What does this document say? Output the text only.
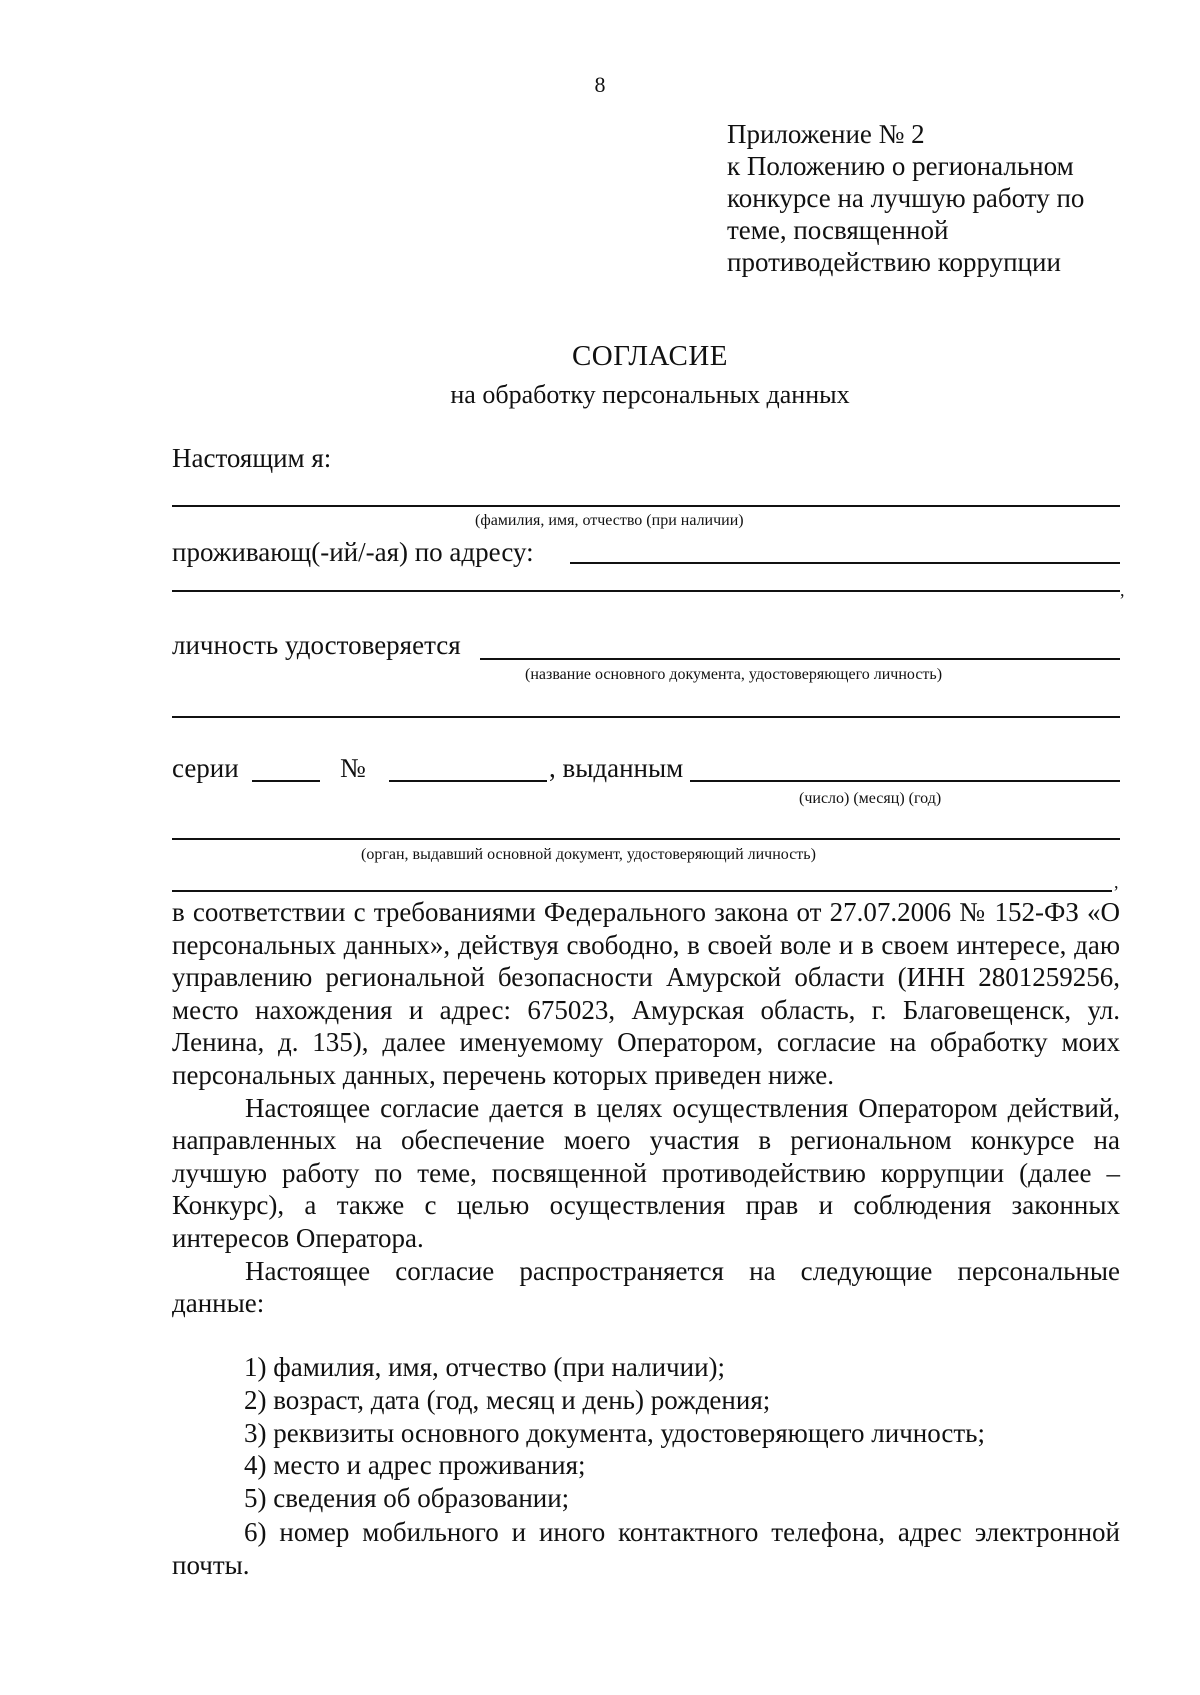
8
Приложение № 2
к Положению о региональном
конкурсе на лучшую работу по
теме, посвященной
противодействию коррупции
СОГЛАСИЕ
на обработку персональных данных
Настоящим я:
(фамилия, имя, отчество (при наличии)
проживающ(-ий/-ая) по адресу:
,
личность удостоверяется
(название основного документа, удостоверяющего личность)
серии	№	, выданным
(число) (месяц) (год)
(орган, выдавший основной документ, удостоверяющий личность)
,

в соответствии с требованиями Федерального закона от 27.07.2006 № 152-ФЗ «О персональных данных», действуя свободно, в своей воле и в своем интересе, даю управлению региональной безопасности Амурской области (ИНН 2801259256, место нахождения и адрес: 675023, Амурская область, г. Благовещенск, ул. Ленина, д. 135), далее именуемому Оператором, согласие на обработку моих персональных данных, перечень которых приведен ниже.

Настоящее согласие дается в целях осуществления Оператором действий, направленных на обеспечение моего участия в региональном конкурсе на лучшую работу по теме, посвященной противодействию коррупции (далее – Конкурс), а также с целью осуществления прав и соблюдения законных интересов Оператора.

Настоящее согласие распространяется на следующие персональные данные:

1) фамилия, имя, отчество (при наличии);
2) возраст, дата (год, месяц и день) рождения;
3) реквизиты основного документа, удостоверяющего личность;
4) место и адрес проживания;
5) сведения об образовании;
6) номер мобильного и иного контактного телефона, адрес электронной почты.
